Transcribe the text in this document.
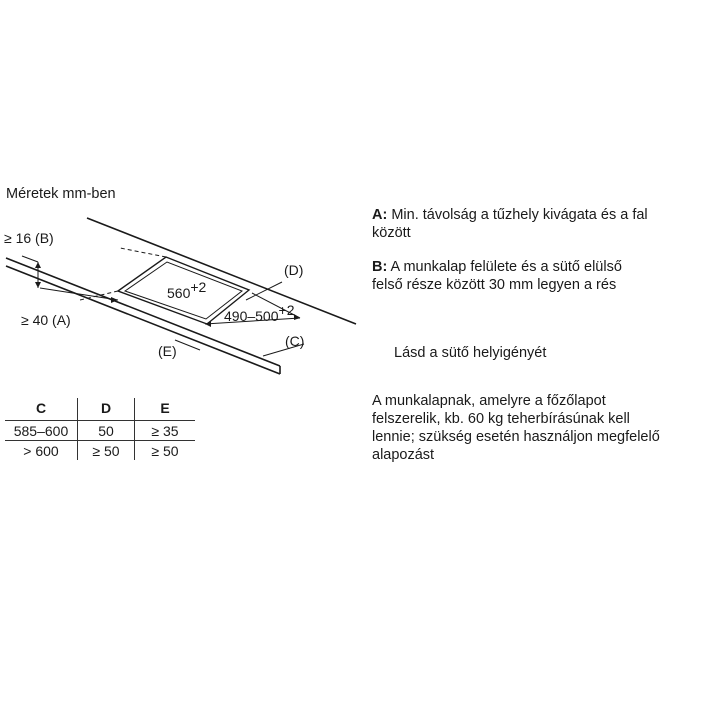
Méretek mm-ben
≥ 16 (B)
≥ 40 (A)
(D)
(C)
(E)
560+2
490–500+2
C	D	E
585–600	50	≥ 35
> 600	≥ 50	≥ 50
A: Min. távolság a tűzhely kivágata és a fal
között
B: A munkalap felülete és a sütő elülső
felső része között 30 mm legyen a rés
Lásd a sütő helyigényét
A munkalapnak, amelyre a főzőlapot
felszerelik, kb. 60 kg teherbírásúnak kell
lennie; szükség esetén használjon megfelelő
alapozást
